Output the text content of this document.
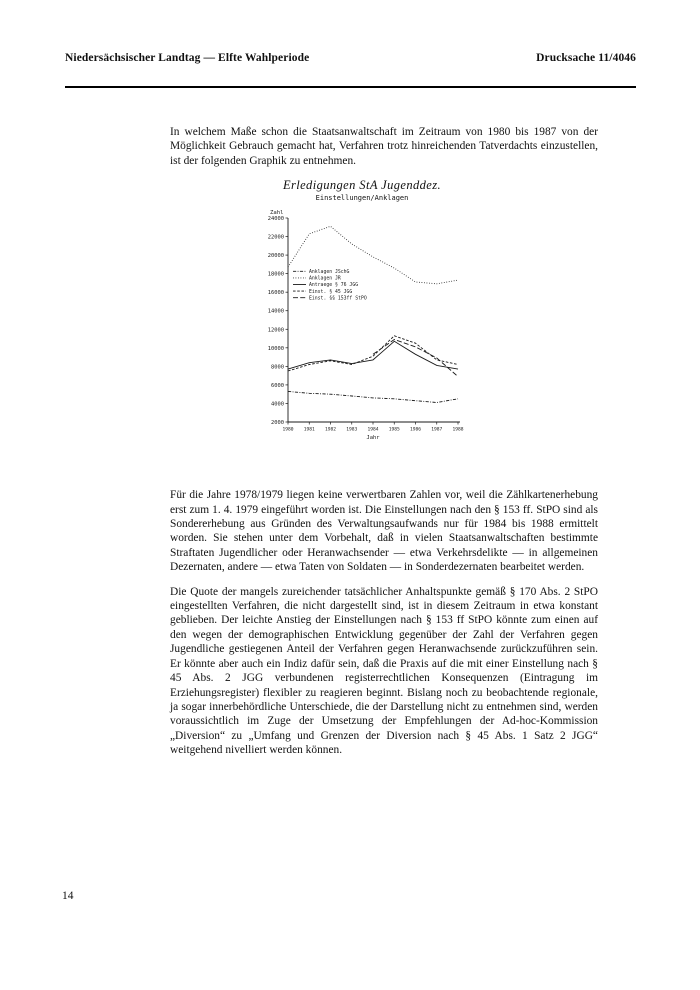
Niedersächsischer Landtag — Elfte Wahlperiode	Drucksache 11/4046

In welchem Maße schon die Staatsanwaltschaft im Zeitraum von 1980 bis 1987 von der Möglichkeit Gebrauch gemacht hat, Verfahren trotz hinreichenden Tatverdachts einzustellen, ist der folgenden Graphik zu entnehmen.

Erledigungen StA Jugenddez.
Einstellungen/Anklagen
2000
4000
6000
8000
10000
12000
14000
16000
18000
20000
22000
24000
1980 1981 1982 1983 1984 1985 1986 1987 1988
Zahl
Jahr
Anklagen JSchG
Anklagen JR
Antraege § 76 JGG
Einst. § 45 JGG
Einst. §§ 153ff StPO

Für die Jahre 1978/1979 liegen keine verwertbaren Zahlen vor, weil die Zählkartenerhebung erst zum 1. 4. 1979 eingeführt worden ist. Die Einstellungen nach den § 153 ff. StPO sind als Sondererhebung aus Gründen des Verwaltungsaufwands nur für 1984 bis 1988 ermittelt worden. Sie stehen unter dem Vorbehalt, daß in vielen Staatsanwaltschaften bestimmte Straftaten Jugendlicher oder Heranwachsender — etwa Verkehrsdelikte — in allgemeinen Dezernaten, andere — etwa Taten von Soldaten — in Sonderdezernaten bearbeitet werden.

Die Quote der mangels zureichender tatsächlicher Anhaltspunkte gemäß § 170 Abs. 2 StPO eingestellten Verfahren, die nicht dargestellt sind, ist in diesem Zeitraum in etwa konstant geblieben. Der leichte Anstieg der Einstellungen nach § 153 ff StPO könnte zum einen auf den wegen der demographischen Entwicklung gegenüber der Zahl der Verfahren gegen Jugendliche gestiegenen Anteil der Verfahren gegen Heranwachsende zurückzuführen sein. Er könnte aber auch ein Indiz dafür sein, daß die Praxis auf die mit einer Einstellung nach § 45 Abs. 2 JGG verbundenen registerrechtlichen Konsequenzen (Eintragung im Erziehungsregister) flexibler zu reagieren beginnt. Bislang noch zu beobachtende regionale, ja sogar innerbehördliche Unterschiede, die der Darstellung nicht zu entnehmen sind, werden voraussichtlich im Zuge der Umsetzung der Empfehlungen der Ad-hoc-Kommission „Diversion“ zu „Umfang und Grenzen der Diversion nach § 45 Abs. 1 Satz 2 JGG“ weitgehend nivelliert werden können.

14
